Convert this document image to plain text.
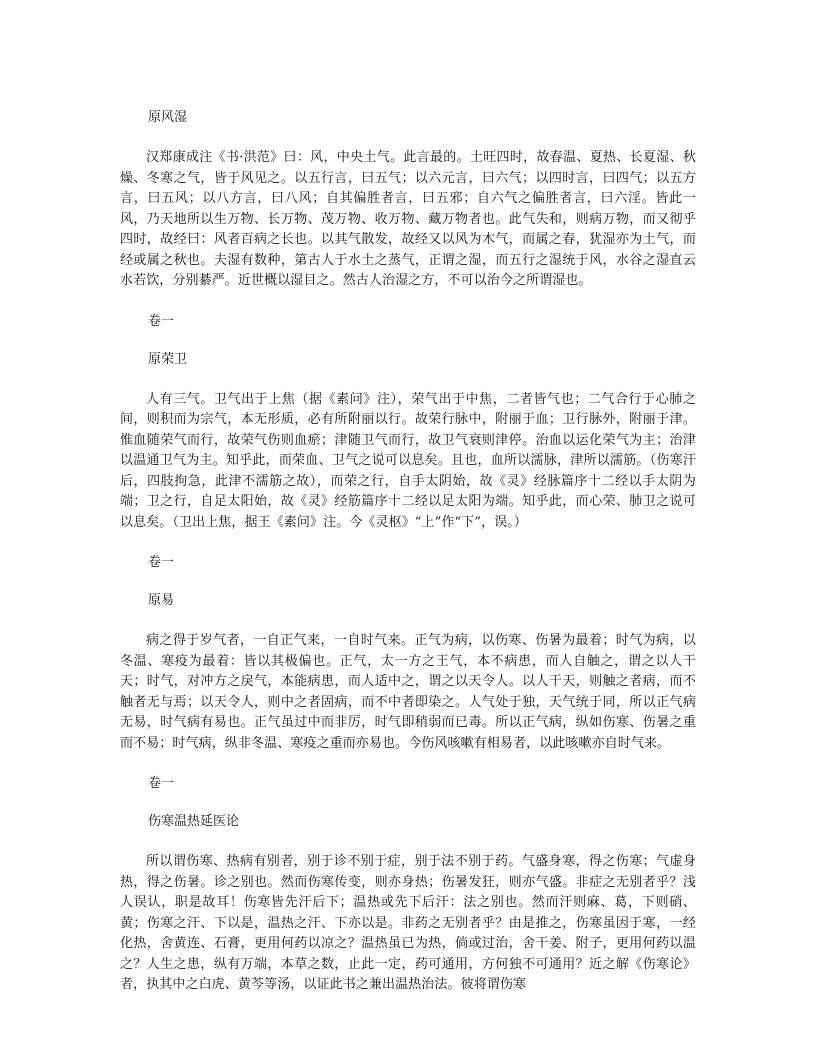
原风湿

汉郑康成注《书·洪范》曰：风，中央土气。此言最的。土旺四时，故春温、夏热、长夏湿、秋燥、冬寒之气，皆于风见之。以五行言，曰五气；以六元言，曰六气；以四时言，曰四气；以五方言，曰五风；以八方言，曰八风；自其偏胜者言，曰五邪；自六气之偏胜者言，曰六淫。皆此一风，乃天地所以生万物、长万物、茂万物、收万物、藏万物者也。此气失和，则病万物，而又彻乎四时，故经曰：风者百病之长也。以其气散发，故经又以风为木气，而属之春，犹湿亦为土气，而经或属之秋也。夫湿有数种，第古人于水土之蒸气，正谓之湿，而五行之湿统于风，水谷之湿直云水若饮，分别綦严。近世概以湿目之。然古人治湿之方，不可以治今之所谓湿也。

卷一
原荣卫

人有三气。卫气出于上焦（据《素问》注），荣气出于中焦，二者皆气也；二气合行于心肺之间，则积而为宗气，本无形质，必有所附丽以行。故荣行脉中，附丽于血；卫行脉外，附丽于津。惟血随荣气而行，故荣气伤则血瘀；津随卫气而行，故卫气衰则津停。治血以运化荣气为主；治津以温通卫气为主。知乎此，而荣血、卫气之说可以息矣。且也，血所以濡脉，津所以濡筋。（伤寒汗后，四肢拘急，此津不濡筋之故），而荣之行，自手太阴始，故《灵》经脉篇序十二经以手太阴为端；卫之行，自足太阳始，故《灵》经筋篇序十二经以足太阳为端。知乎此，而心荣、肺卫之说可以息矣。（卫出上焦，据王《素问》注。今《灵枢》“上”作“下”，误。）

卷一
原易

病之得于岁气者，一自正气来，一自时气来。正气为病，以伤寒、伤暑为最着；时气为病，以冬温、寒疫为最着：皆以其极偏也。正气，太一方之王气，本不病患，而人自触之，谓之以人干天；时气，对冲方之戾气，本能病患，而人适中之，谓之以天令人。以人干天，则触之者病，而不触者无与焉；以天令人，则中之者固病，而不中者即染之。人气处于独，天气统于同，所以正气病无易，时气病有易也。正气虽过中而非厉，时气即稍弱而已毒。所以正气病，纵如伤寒、伤暑之重而不易；时气病，纵非冬温、寒疫之重而亦易也。今伤风咳嗽有相易者，以此咳嗽亦自时气来。

卷一
伤寒温热延医论

所以谓伤寒、热病有别者，别于诊不别于症，别于法不别于药。气盛身寒，得之伤寒；气虚身热，得之伤暑。诊之别也。然而伤寒传变，则亦身热；伤暑发狂，则亦气盛。非症之无别者乎？浅人误认，职是故耳！伤寒皆先汗后下；温热或先下后汗：法之别也。然而汗则麻、葛，下则硝、黄；伤寒之汗、下以是，温热之汗、下亦以是。非药之无别者乎？由是推之，伤寒虽因于寒，一经化热，舍黄连、石膏，更用何药以凉之？温热虽已为热，倘或过治，舍干姜、附子，更用何药以温之？人生之患，纵有万端，本草之数，止此一定，药可通用，方何独不可通用？近之解《伤寒论》者，执其中之白虎、黄芩等汤，以证此书之兼出温热治法。彼将谓伤寒
